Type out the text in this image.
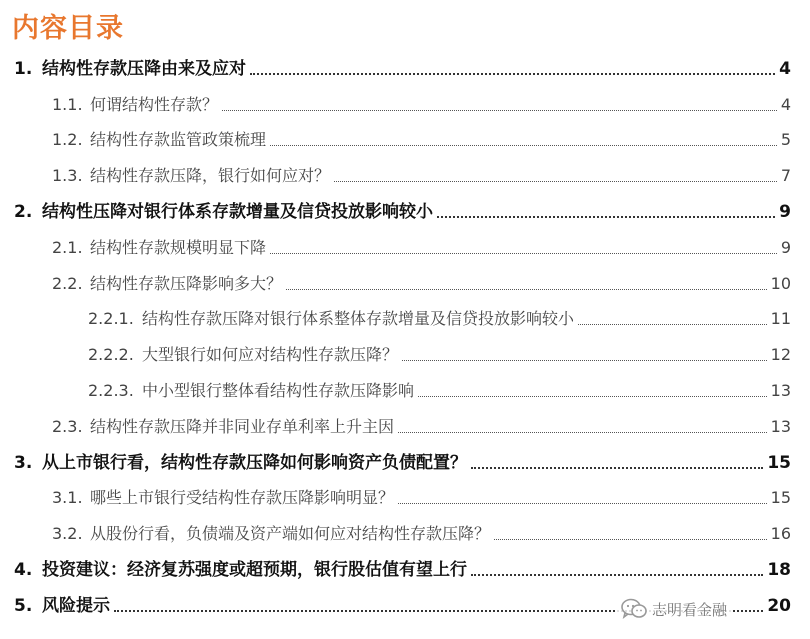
内容目录
1. 结构性存款压降由来及应对	4
1.1. 何谓结构性存款？	4
1.2. 结构性存款监管政策梳理	5
1.3. 结构性存款压降，银行如何应对？	7
2. 结构性压降对银行体系存款增量及信贷投放影响较小	9
2.1. 结构性存款规模明显下降	9
2.2. 结构性存款压降影响多大？	10
2.2.1. 结构性存款压降对银行体系整体存款增量及信贷投放影响较小	11
2.2.2. 大型银行如何应对结构性存款压降？	12
2.2.3. 中小型银行整体看结构性存款压降影响	13
2.3. 结构性存款压降并非同业存单利率上升主因	13
3. 从上市银行看，结构性存款压降如何影响资产负债配置？	15
3.1. 哪些上市银行受结构性存款压降影响明显？	15
3.2. 从股份行看，负债端及资产端如何应对结构性存款压降？	16
4. 投资建议：经济复苏强度或超预期，银行股估值有望上行	18
5. 风险提示	20
志明看金融
